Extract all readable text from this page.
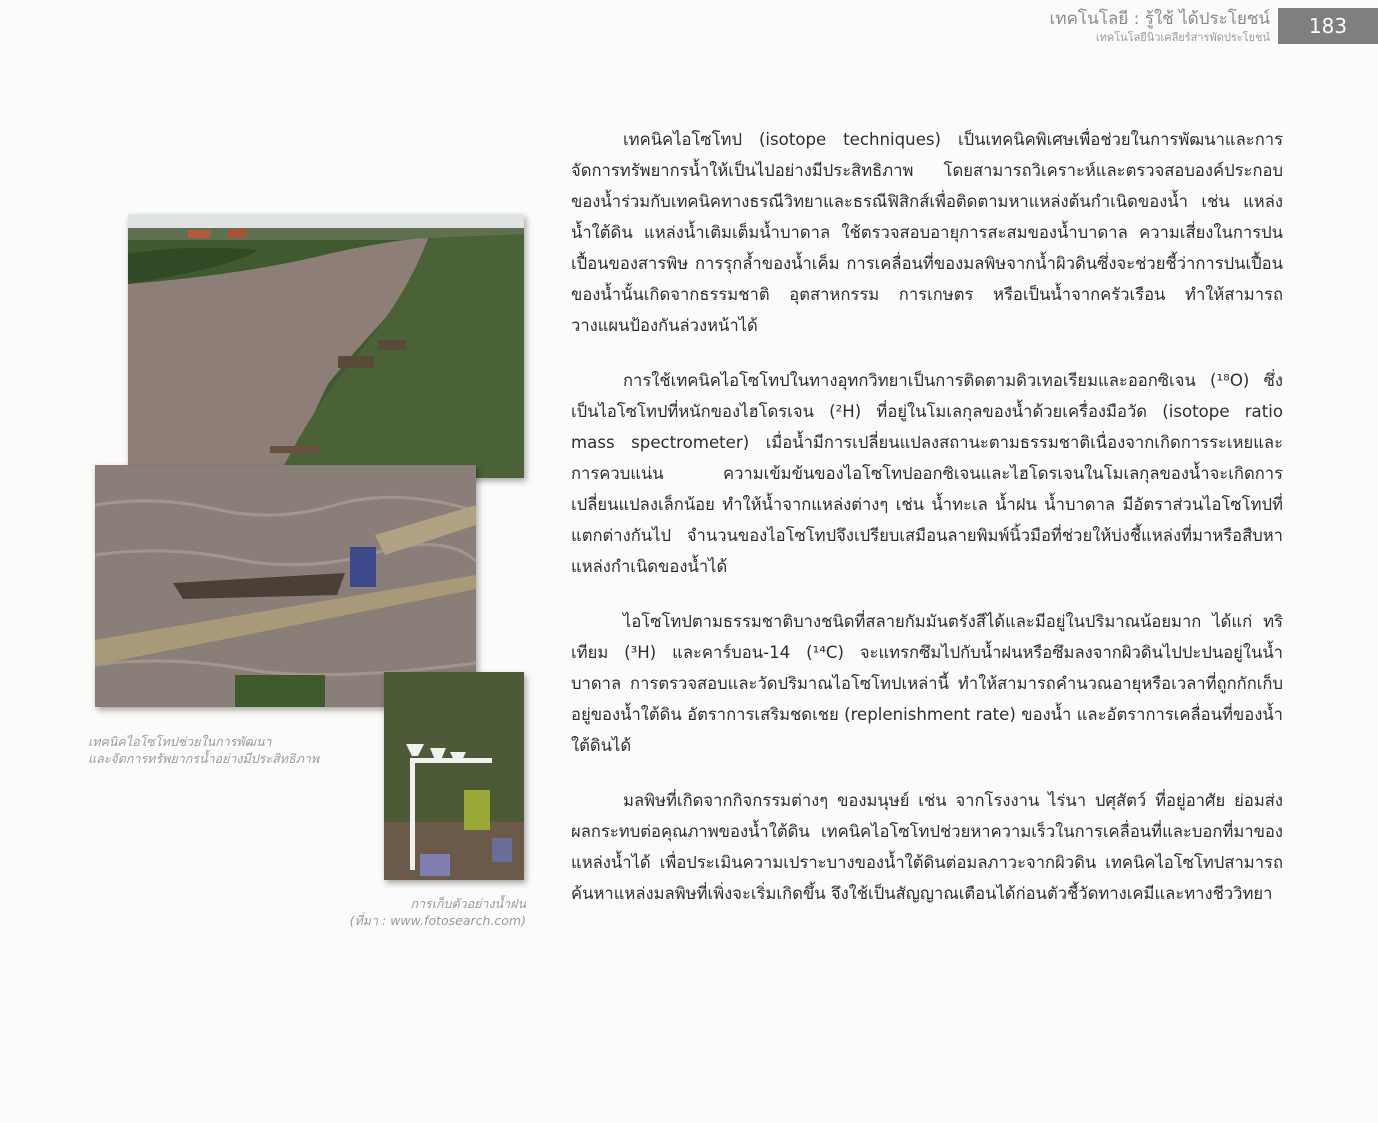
เทคโนโลยี : รู้ใช้ ได้ประโยชน์
เทคโนโลยีนิวเคลียร์สารพัดประโยชน์ 183
เทคนิคไอโซโทปช่วยในการพัฒนา
และจัดการทรัพยากรน้ำอย่างมีประสิทธิภาพ
การเก็บตัวอย่างน้ำฝน
(ที่มา : www.fotosearch.com)

เทคนิคไอโซโทป (isotope techniques) เป็นเทคนิคพิเศษเพื่อช่วยในการพัฒนาและการจัดการทรัพยากรน้ำให้เป็นไปอย่างมีประสิทธิภาพ โดยสามารถวิเคราะห์และตรวจสอบองค์ประกอบของน้ำร่วมกับเทคนิคทางธรณีวิทยาและธรณีฟิสิกส์เพื่อติดตามหาแหล่งต้นกำเนิดของน้ำ เช่น แหล่งน้ำใต้ดิน แหล่งน้ำเติมเต็มน้ำบาดาล ใช้ตรวจสอบอายุการสะสมของน้ำบาดาล ความเสี่ยงในการปนเปื้อนของสารพิษ การรุกล้ำของน้ำเค็ม การเคลื่อนที่ของมลพิษจากน้ำผิวดินซึ่งจะช่วยชี้ว่าการปนเปื้อนของน้ำนั้นเกิดจากธรรมชาติ อุตสาหกรรม การเกษตร หรือเป็นน้ำจากครัวเรือน ทำให้สามารถวางแผนป้องกันล่วงหน้าได้

การใช้เทคนิคไอโซโทปในทางอุทกวิทยาเป็นการติดตามดิวเทอเรียมและออกซิเจน (¹⁸O) ซึ่งเป็นไอโซโทปที่หนักของไฮโดรเจน (²H) ที่อยู่ในโมเลกุลของน้ำด้วยเครื่องมือวัด (isotope ratio mass spectrometer) เมื่อน้ำมีการเปลี่ยนแปลงสถานะตามธรรมชาติเนื่องจากเกิดการระเหยและการควบแน่น ความเข้มข้นของไอโซโทปออกซิเจนและไฮโดรเจนในโมเลกุลของน้ำจะเกิดการเปลี่ยนแปลงเล็กน้อย ทำให้น้ำจากแหล่งต่างๆ เช่น น้ำทะเล น้ำฝน น้ำบาดาล มีอัตราส่วนไอโซโทปที่แตกต่างกันไป จำนวนของไอโซโทปจึงเปรียบเสมือนลายพิมพ์นิ้วมือที่ช่วยให้บ่งชี้แหล่งที่มาหรือสืบหาแหล่งกำเนิดของน้ำได้

ไอโซโทปตามธรรมชาติบางชนิดที่สลายกัมมันตรังสีได้และมีอยู่ในปริมาณน้อยมาก ได้แก่ ทริเทียม (³H) และคาร์บอน-14 (¹⁴C) จะแทรกซึมไปกับน้ำฝนหรือซึมลงจากผิวดินไปปะปนอยู่ในน้ำบาดาล การตรวจสอบและวัดปริมาณไอโซโทปเหล่านี้ ทำให้สามารถคำนวณอายุหรือเวลาที่ถูกกักเก็บอยู่ของน้ำใต้ดิน อัตราการเสริมชดเชย (replenishment rate) ของน้ำ และอัตราการเคลื่อนที่ของน้ำใต้ดินได้

มลพิษที่เกิดจากกิจกรรมต่างๆ ของมนุษย์ เช่น จากโรงงาน ไร่นา ปศุสัตว์ ที่อยู่อาศัย ย่อมส่งผลกระทบต่อคุณภาพของน้ำใต้ดิน เทคนิคไอโซโทปช่วยหาความเร็วในการเคลื่อนที่และบอกที่มาของแหล่งน้ำได้ เพื่อประเมินความเปราะบางของน้ำใต้ดินต่อมลภาวะจากผิวดิน เทคนิคไอโซโทปสามารถค้นหาแหล่งมลพิษที่เพิ่งจะเริ่มเกิดขึ้น จึงใช้เป็นสัญญาณเตือนได้ก่อนตัวชี้วัดทางเคมีและทางชีววิทยา
